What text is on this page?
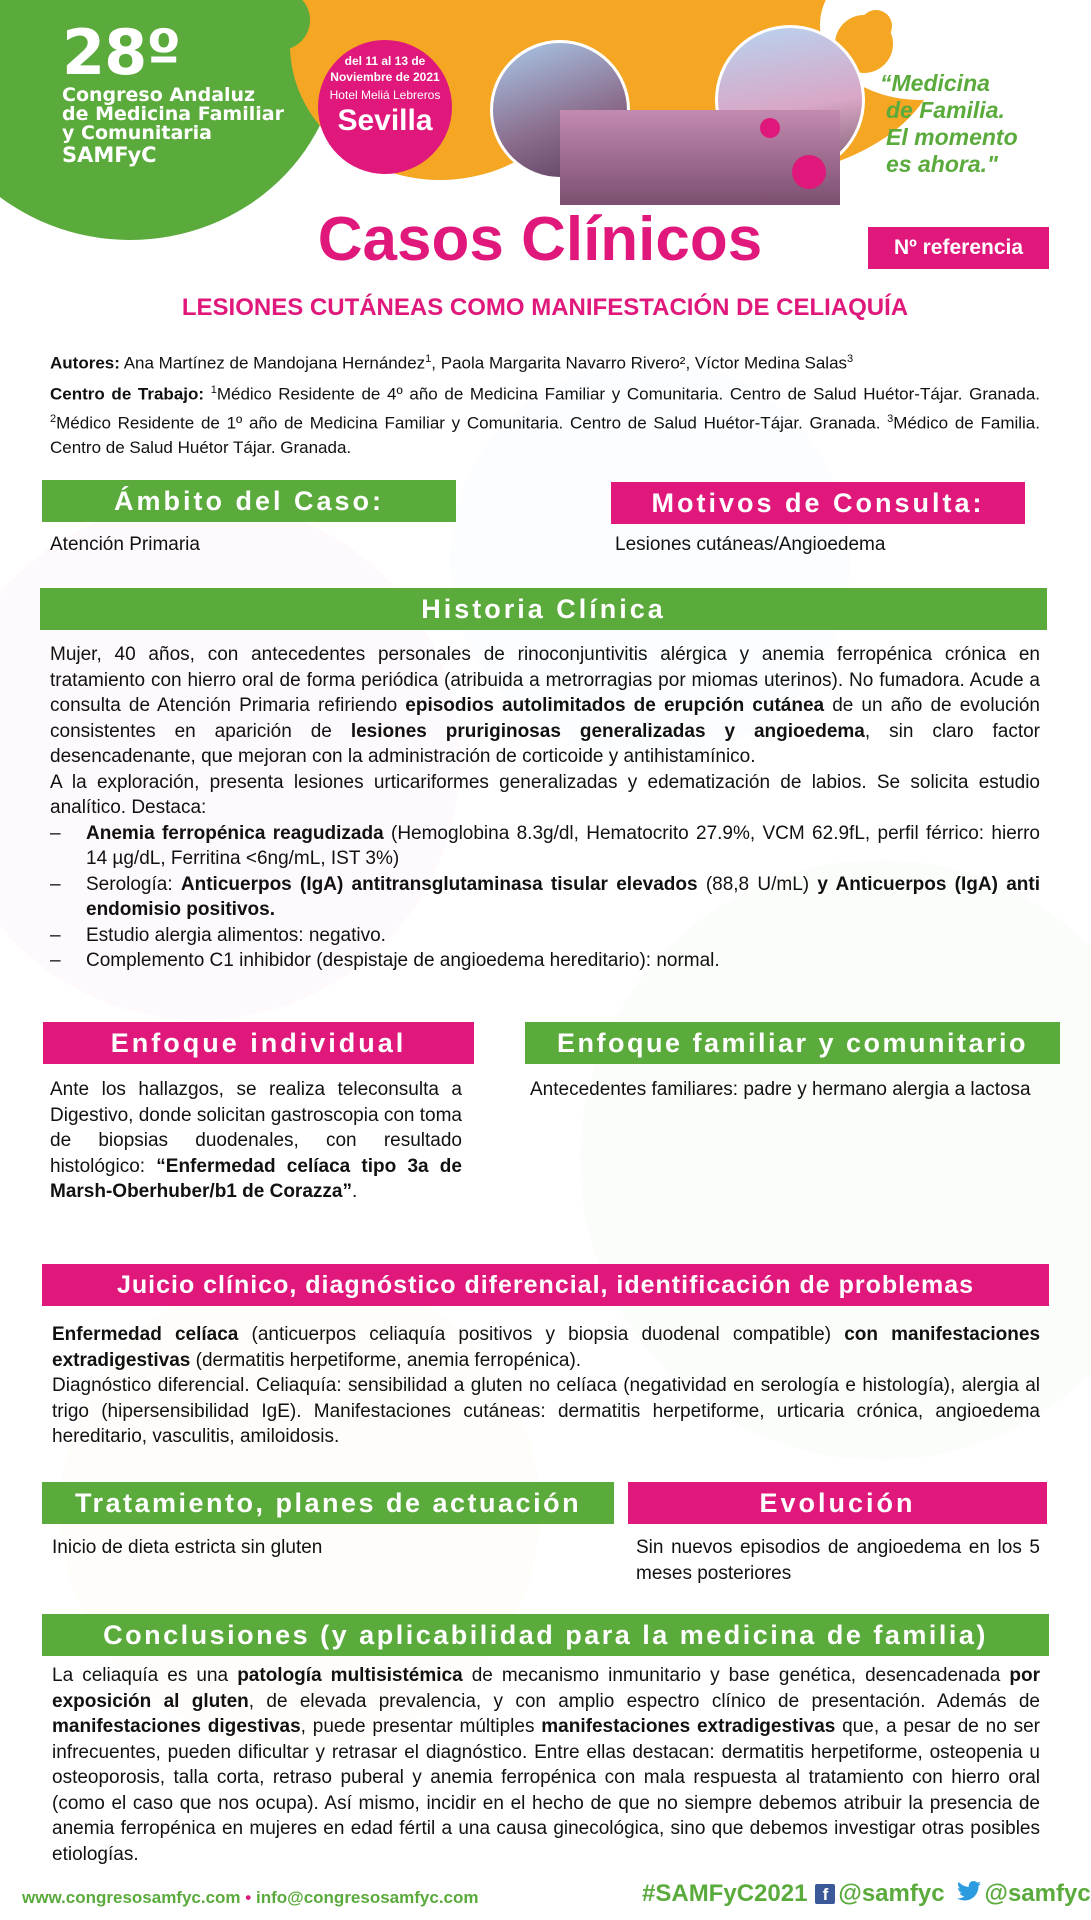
del 11 al 13 de
Noviembre de 2021
Hotel Meliá Lebreros
Sevilla
28º
Congreso Andaluz
de Medicina Familiar
y Comunitaria
SAMFyC
“Medicina
de Familia.
El momento
es ahora."
Casos Clínicos	Nº referencia
LESIONES CUTÁNEAS COMO MANIFESTACIÓN DE CELIAQUÍA
Autores: Ana Martínez de Mandojana Hernández$^1$, Paola Margarita Navarro Rivero², Víctor Medina Salas$^3$
Centro de Trabajo: $^1$Médico Residente de 4º año de Medicina Familiar y Comunitaria. Centro de Salud Huétor-Tájar. Granada. $^2$Médico Residente de 1º año de Medicina Familiar y Comunitaria. Centro de Salud Huétor-Tájar. Granada. $^3$Médico de Familia. Centro de Salud Huétor Tájar. Granada.
Ámbito del Caso:
Atención Primaria
Motivos de Consulta:
Lesiones cutáneas/Angioedema
Historia Clínica
Mujer, 40 años, con antecedentes personales de rinoconjuntivitis alérgica y anemia ferropénica crónica en tratamiento con hierro oral de forma periódica (atribuida a metrorragias por miomas uterinos). No fumadora. Acude a consulta de Atención Primaria refiriendo episodios autolimitados de erupción cutánea de un año de evolución consistentes en aparición de lesiones pruriginosas generalizadas y angioedema, sin claro factor desencadenante, que mejoran con la administración de corticoide y antihistamínico.
A la exploración, presenta lesiones urticariformes generalizadas y edematización de labios. Se solicita estudio analítico. Destaca:
–	Anemia ferropénica reagudizada (Hemoglobina 8.3g/dl, Hematocrito 27.9%, VCM 62.9fL, perfil férrico: hierro 14 µg/dL, Ferritina <6ng/mL, IST 3%)
–	Serología: Anticuerpos (IgA) antitransglutaminasa tisular elevados (88,8 U/mL) y Anticuerpos (IgA) anti endomisio positivos.
–	Estudio alergia alimentos: negativo.
–	Complemento C1 inhibidor (despistaje de angioedema hereditario): normal.
Enfoque individual
Ante los hallazgos, se realiza teleconsulta a Digestivo, donde solicitan gastroscopia con toma de biopsias duodenales, con resultado histológico: “Enfermedad celíaca tipo 3a de Marsh-Oberhuber/b1 de Corazza”.
Enfoque familiar y comunitario
Antecedentes familiares: padre y hermano alergia a lactosa
Juicio clínico, diagnóstico diferencial, identificación de problemas
Enfermedad celíaca (anticuerpos celiaquía positivos y biopsia duodenal compatible) con manifestaciones extradigestivas (dermatitis herpetiforme, anemia ferropénica).
Diagnóstico diferencial. Celiaquía: sensibilidad a gluten no celíaca (negatividad en serología e histología), alergia al trigo (hipersensibilidad IgE). Manifestaciones cutáneas: dermatitis herpetiforme, urticaria crónica, angioedema hereditario, vasculitis, amiloidosis.
Tratamiento, planes de actuación
Inicio de dieta estricta sin gluten
Evolución
Sin nuevos episodios de angioedema en los 5 meses posteriores
Conclusiones (y aplicabilidad para la medicina de familia)
La celiaquía es una patología multisistémica de mecanismo inmunitario y base genética, desencadenada por exposición al gluten, de elevada prevalencia, y con amplio espectro clínico de presentación. Además de manifestaciones digestivas, puede presentar múltiples manifestaciones extradigestivas que, a pesar de no ser infrecuentes, pueden dificultar y retrasar el diagnóstico. Entre ellas destacan: dermatitis herpetiforme, osteopenia u osteoporosis, talla corta, retraso puberal y anemia ferropénica con mala respuesta al tratamiento con hierro oral (como el caso que nos ocupa). Así mismo, incidir en el hecho de que no siempre debemos atribuir la presencia de anemia ferropénica en mujeres en edad fértil a una causa ginecológica, sino que debemos investigar otras posibles etiologías.
www.congresosamfyc.com • info@congresosamfyc.com	#SAMFyC2021 f @samfyc @samfyc
